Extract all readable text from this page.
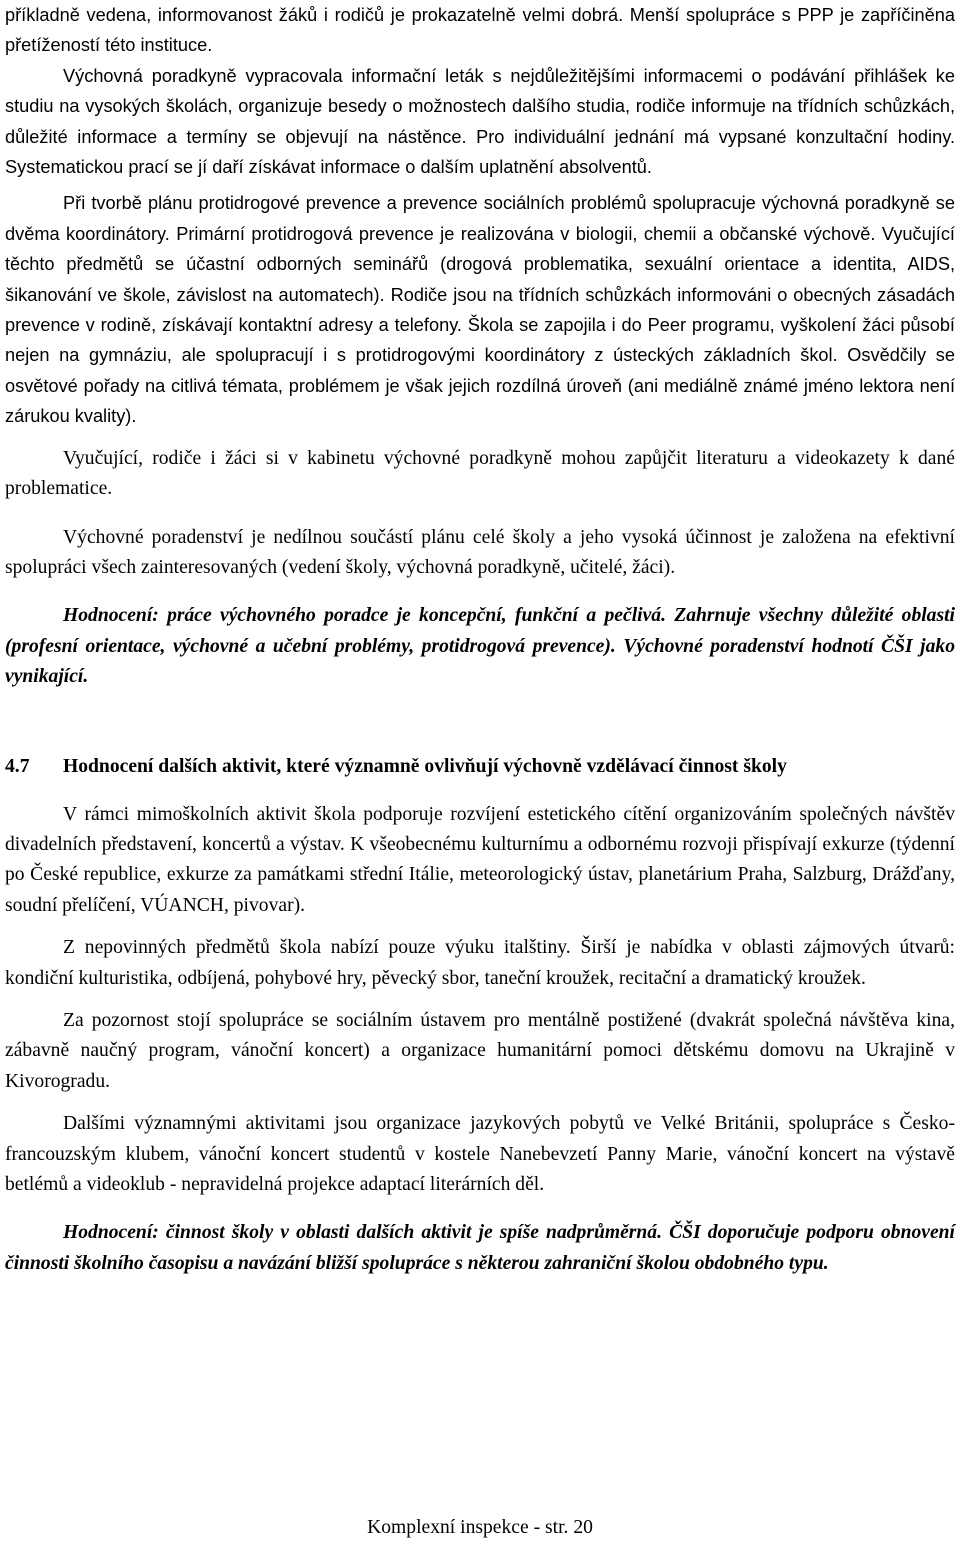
příkladně vedena, informovanost žáků i rodičů je prokazatelně velmi dobrá. Menší spolupráce s PPP je zapříčiněna přetížeností této instituce.

Výchovná poradkyně vypracovala informační leták s nejdůležitějšími informacemi o podávání přihlášek ke studiu na vysokých školách, organizuje besedy o možnostech dalšího studia, rodiče informuje na třídních schůzkách, důležité informace a termíny se objevují na nástěnce. Pro individuální jednání má vypsané konzultační hodiny. Systematickou prací se jí daří získávat informace o dalším uplatnění absolventů.

Při tvorbě plánu protidrogové prevence a prevence sociálních problémů spolupracuje výchovná poradkyně se dvěma koordinátory. Primární protidrogová prevence je realizována v biologii, chemii a občanské výchově. Vyučující těchto předmětů se účastní odborných seminářů (drogová problematika, sexuální orientace a identita, AIDS, šikanování ve škole, závislost na automatech). Rodiče jsou na třídních schůzkách informováni o obecných zásadách prevence v rodině, získávají kontaktní adresy a telefony. Škola se zapojila i do Peer programu, vyškolení žáci působí nejen na gymnáziu, ale spolupracují i s protidrogovými koordinátory z ústeckých základních škol. Osvědčily se osvětové pořady na citlivá témata, problémem je však jejich rozdílná úroveň (ani mediálně známé jméno lektora není zárukou kvality).

Vyučující, rodiče i žáci si v kabinetu výchovné poradkyně mohou zapůjčit literaturu a videokazety k dané problematice.

Výchovné poradenství je nedílnou součástí plánu celé školy a jeho vysoká účinnost je založena na efektivní spolupráci všech zainteresovaných (vedení školy, výchovná poradkyně, učitelé, žáci).

Hodnocení: práce výchovného poradce je koncepční, funkční a pečlivá. Zahrnuje všechny důležité oblasti (profesní orientace, výchovné a učební problémy, protidrogová prevence). Výchovné poradenství hodnotí ČŠI jako vynikající.

4.7	Hodnocení dalších aktivit, které významně ovlivňují výchovně vzdělávací činnost školy

V rámci mimoškolních aktivit škola podporuje rozvíjení estetického cítění organizováním společných návštěv divadelních představení, koncertů a výstav. K všeobecnému kulturnímu a odbornému rozvoji přispívají exkurze (týdenní po České republice, exkurze za památkami střední Itálie, meteorologický ústav, planetárium Praha, Salzburg, Drážďany, soudní přelíčení, VÚANCH, pivovar).

Z nepovinných předmětů škola nabízí pouze výuku italštiny. Širší je nabídka v oblasti zájmových útvarů: kondiční kulturistika, odbíjená, pohybové hry, pěvecký sbor, taneční kroužek, recitační a dramatický kroužek.

Za pozornost stojí spolupráce se sociálním ústavem pro mentálně postižené (dvakrát společná návštěva kina, zábavně naučný program, vánoční koncert) a organizace humanitární pomoci dětskému domovu na Ukrajině v Kivorogradu.

Dalšími významnými aktivitami jsou organizace jazykových pobytů ve Velké Británii, spolupráce s Česko-francouzským klubem, vánoční koncert studentů v kostele Nanebevzetí Panny Marie, vánoční koncert na výstavě betlémů a videoklub - nepravidelná projekce adaptací literárních děl.

Hodnocení: činnost školy v oblasti dalších aktivit je spíše nadprůměrná. ČŠI doporučuje podporu obnovení činnosti školního časopisu a navázání bližší spolupráce s některou zahraniční školou obdobného typu.

Komplexní inspekce - str. 20
